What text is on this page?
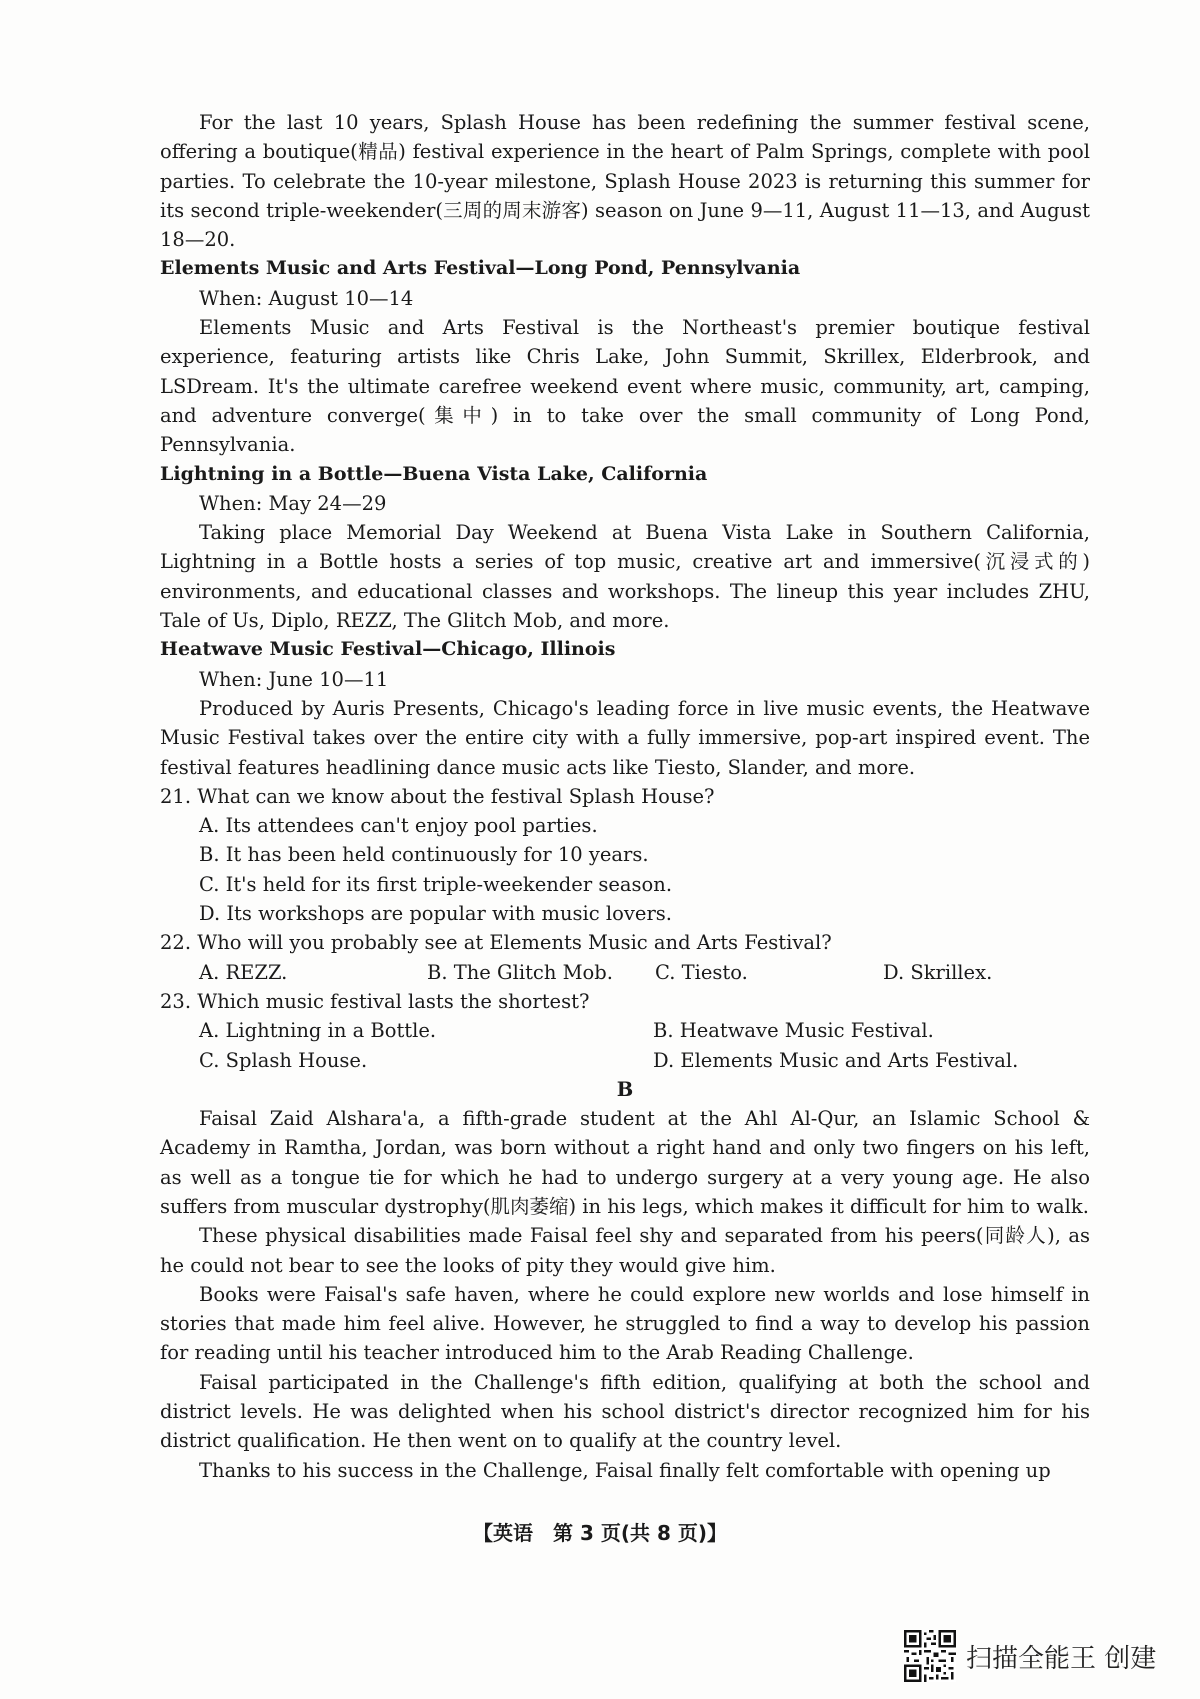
For the last 10 years, Splash House has been redefining the summer festival scene, offering a boutique(精品) festival experience in the heart of Palm Springs, complete with pool parties. To celebrate the 10-year milestone, Splash House 2023 is returning this summer for its second triple-weekender(三周的周末游客) season on June 9—11, August 11—13, and August 18—20.

Elements Music and Arts Festival—Long Pond, Pennsylvania

When: August 10—14

Elements Music and Arts Festival is the Northeast's premier boutique festival experience, featuring artists like Chris Lake, John Summit, Skrillex, Elderbrook, and LSDream. It's the ultimate carefree weekend event where music, community, art, camping, and adventure converge(集中) in to take over the small community of Long Pond, Pennsylvania.

Lightning in a Bottle—Buena Vista Lake, California

When: May 24—29

Taking place Memorial Day Weekend at Buena Vista Lake in Southern California, Lightning in a Bottle hosts a series of top music, creative art and immersive(沉浸式的) environments, and educational classes and workshops. The lineup this year includes ZHU, Tale of Us, Diplo, REZZ, The Glitch Mob, and more.

Heatwave Music Festival—Chicago, Illinois

When: June 10—11

Produced by Auris Presents, Chicago's leading force in live music events, the Heatwave Music Festival takes over the entire city with a fully immersive, pop-art inspired event. The festival features headlining dance music acts like Tiesto, Slander, and more.

21. What can we know about the festival Splash House?

A. Its attendees can't enjoy pool parties.

B. It has been held continuously for 10 years.

C. It's held for its first triple-weekender season.

D. Its workshops are popular with music lovers.

22. Who will you probably see at Elements Music and Arts Festival?

A. REZZ.	B. The Glitch Mob.	C. Tiesto.	D. Skrillex.

23. Which music festival lasts the shortest?

A. Lightning in a Bottle.	B. Heatwave Music Festival.
C. Splash House.	D. Elements Music and Arts Festival.

B

Faisal Zaid Alshara'a, a fifth-grade student at the Ahl Al-Qur, an Islamic School & Academy in Ramtha, Jordan, was born without a right hand and only two fingers on his left, as well as a tongue tie for which he had to undergo surgery at a very young age. He also suffers from muscular dystrophy(肌肉萎缩) in his legs, which makes it difficult for him to walk.

These physical disabilities made Faisal feel shy and separated from his peers(同龄人), as he could not bear to see the looks of pity they would give him.

Books were Faisal's safe haven, where he could explore new worlds and lose himself in stories that made him feel alive. However, he struggled to find a way to develop his passion for reading until his teacher introduced him to the Arab Reading Challenge.

Faisal participated in the Challenge's fifth edition, qualifying at both the school and district levels. He was delighted when his school district's director recognized him for his district qualification. He then went on to qualify at the country level.

Thanks to his success in the Challenge, Faisal finally felt comfortable with opening up

【英语　第 3 页(共 8 页)】
扫描全能王 创建
